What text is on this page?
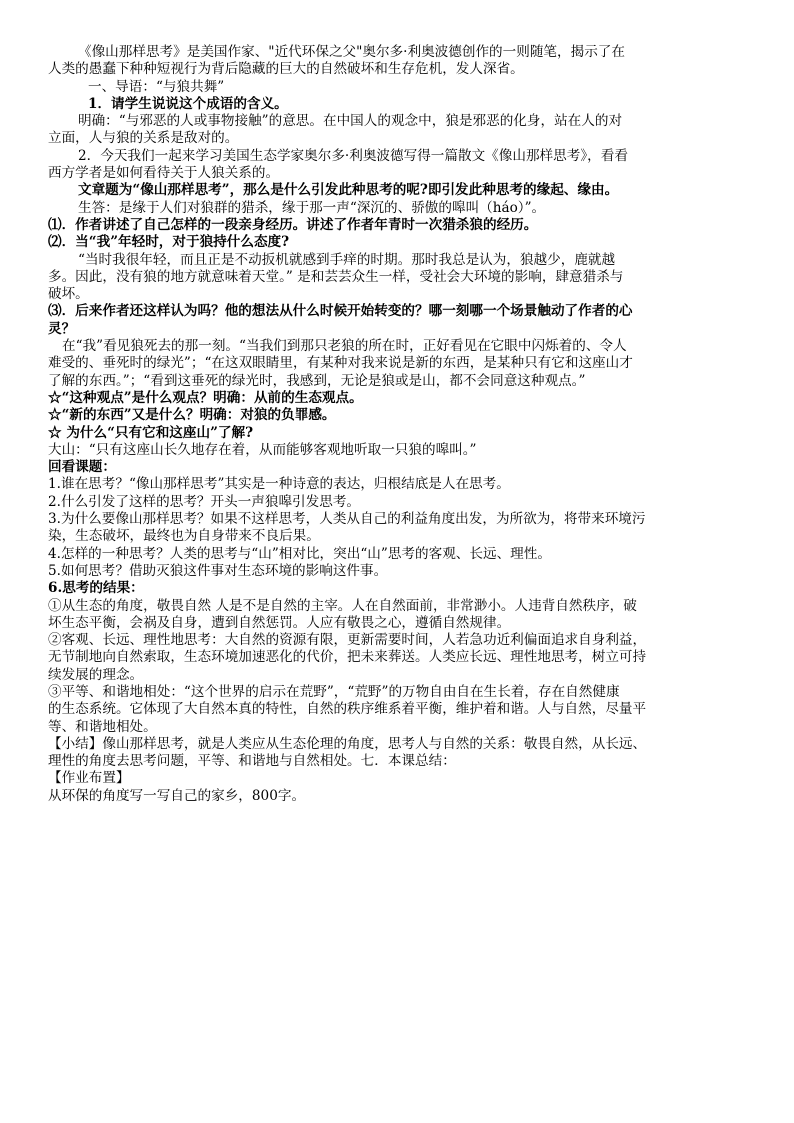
《像山那样思考》是美国作家、"近代环保之父"奥尔多·利奥波德创作的一则随笔，揭示了在
人类的愚蠢下种种短视行为背后隐藏的巨大的自然破坏和生存危机，发人深省。
一、导语：“与狼共舞”
1．请学生说说这个成语的含义。
明确：“与邪恶的人或事物接触”的意思。在中国人的观念中，狼是邪恶的化身，站在人的对
立面，人与狼的关系是敌对的。
2．今天我们一起来学习美国生态学家奥尔多·利奥波德写得一篇散文《像山那样思考》，看看
西方学者是如何看待关于人狼关系的。
文章题为“像山那样思考”，那么是什么引发此种思考的呢?即引发此种思考的缘起、缘由。
生答：是缘于人们对狼群的猎杀，缘于那一声“深沉的、骄傲的嗥叫（háo）”。
⑴．作者讲述了自己怎样的一段亲身经历。讲述了作者年青时一次猎杀狼的经历。
⑵．当“我”年轻时，对于狼持什么态度?
“当时我很年轻，而且正是不动扳机就感到手痒的时期。那时我总是认为，狼越少，鹿就越
多。因此，没有狼的地方就意味着天堂。” 是和芸芸众生一样，受社会大环境的影响，肆意猎杀与
破坏。
⑶．后来作者还这样认为吗？他的想法从什么时候开始转变的？哪一刻哪一个场景触动了作者的心
灵？
在“我”看见狼死去的那一刻。“当我们到那只老狼的所在时，正好看见在它眼中闪烁着的、令人
难受的、垂死时的绿光”；“在这双眼睛里，有某种对我来说是新的东西，是某种只有它和这座山才
了解的东西。”；“看到这垂死的绿光时，我感到，无论是狼或是山，都不会同意这种观点。”
☆“这种观点”是什么观点？明确：从前的生态观点。
☆“新的东西”又是什么？明确：对狼的负罪感。
☆ 为什么“只有它和这座山”了解?
大山：“只有这座山长久地存在着，从而能够客观地听取一只狼的嗥叫。”
回看课题：
1.谁在思考？“像山那样思考”其实是一种诗意的表达，归根结底是人在思考。
2.什么引发了这样的思考？开头一声狼嗥引发思考。
3.为什么要像山那样思考？如果不这样思考，人类从自己的利益角度出发，为所欲为，将带来环境污
染，生态破坏，最终也为自身带来不良后果。
4.怎样的一种思考？人类的思考与“山”相对比，突出“山”思考的客观、长远、理性。
5.如何思考？借助灭狼这件事对生态环境的影响这件事。
6.思考的结果：
①从生态的角度，敬畏自然 人是不是自然的主宰。人在自然面前，非常渺小。人违背自然秩序，破
坏生态平衡，会祸及自身，遭到自然惩罚。人应有敬畏之心，遵循自然规律。
②客观、长远、理性地思考：大自然的资源有限，更新需要时间，人若急功近利偏面追求自身利益，
无节制地向自然索取，生态环境加速恶化的代价，把未来葬送。人类应长远、理性地思考，树立可持
续发展的理念。
③平等、和谐地相处：“这个世界的启示在荒野”，“荒野”的万物自由自在生长着，存在自然健康
的生态系统。它体现了大自然本真的特性，自然的秩序维系着平衡，维护着和谐。人与自然，尽量平
等、和谐地相处。
【小结】像山那样思考，就是人类应从生态伦理的角度，思考人与自然的关系：敬畏自然，从长远、
理性的角度去思考问题，平等、和谐地与自然相处。七．本课总结：
【作业布置】
从环保的角度写一写自己的家乡，800字。
